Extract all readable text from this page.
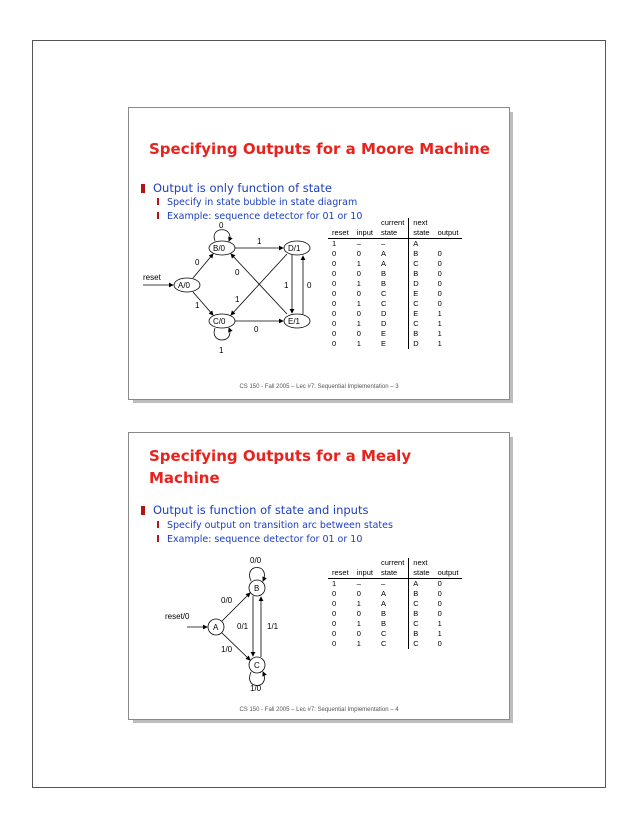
Specifying Outputs for a Moore Machine
Output is only function of state
Specify in state bubble in state diagram
Example: sequence detector for 01 or 10
reset
A/0
B/0
C/0
D/1
E/1
0
0
1
1
0
0
1
1 0
1
		current	next	
reset	input	state	state	output
1	–	–	A	
0	0	A	B	0
0	1	A	C	0
0	0	B	B	0
0	1	B	D	0
0	0	C	E	0
0	1	C	C	0
0	0	D	E	1
0	1	D	C	1
0	0	E	B	1
0	1	E	D	1
CS 150 - Fall 2005 – Lec #7: Sequential Implementation – 3
Specifying Outputs for a Mealy
Machine
Output is function of state and inputs
Specify output on transition arc between states
Example: sequence detector for 01 or 10
reset/0
A
B
C
0/0
0/0
0/1 1/1
1/0
1/0
		current	next	
reset	input	state	state	output
1	–	–	A	0
0	0	A	B	0
0	1	A	C	0
0	0	B	B	0
0	1	B	C	1
0	0	C	B	1
0	1	C	C	0
CS 150 - Fall 2005 – Lec #7: Sequential Implementation – 4
